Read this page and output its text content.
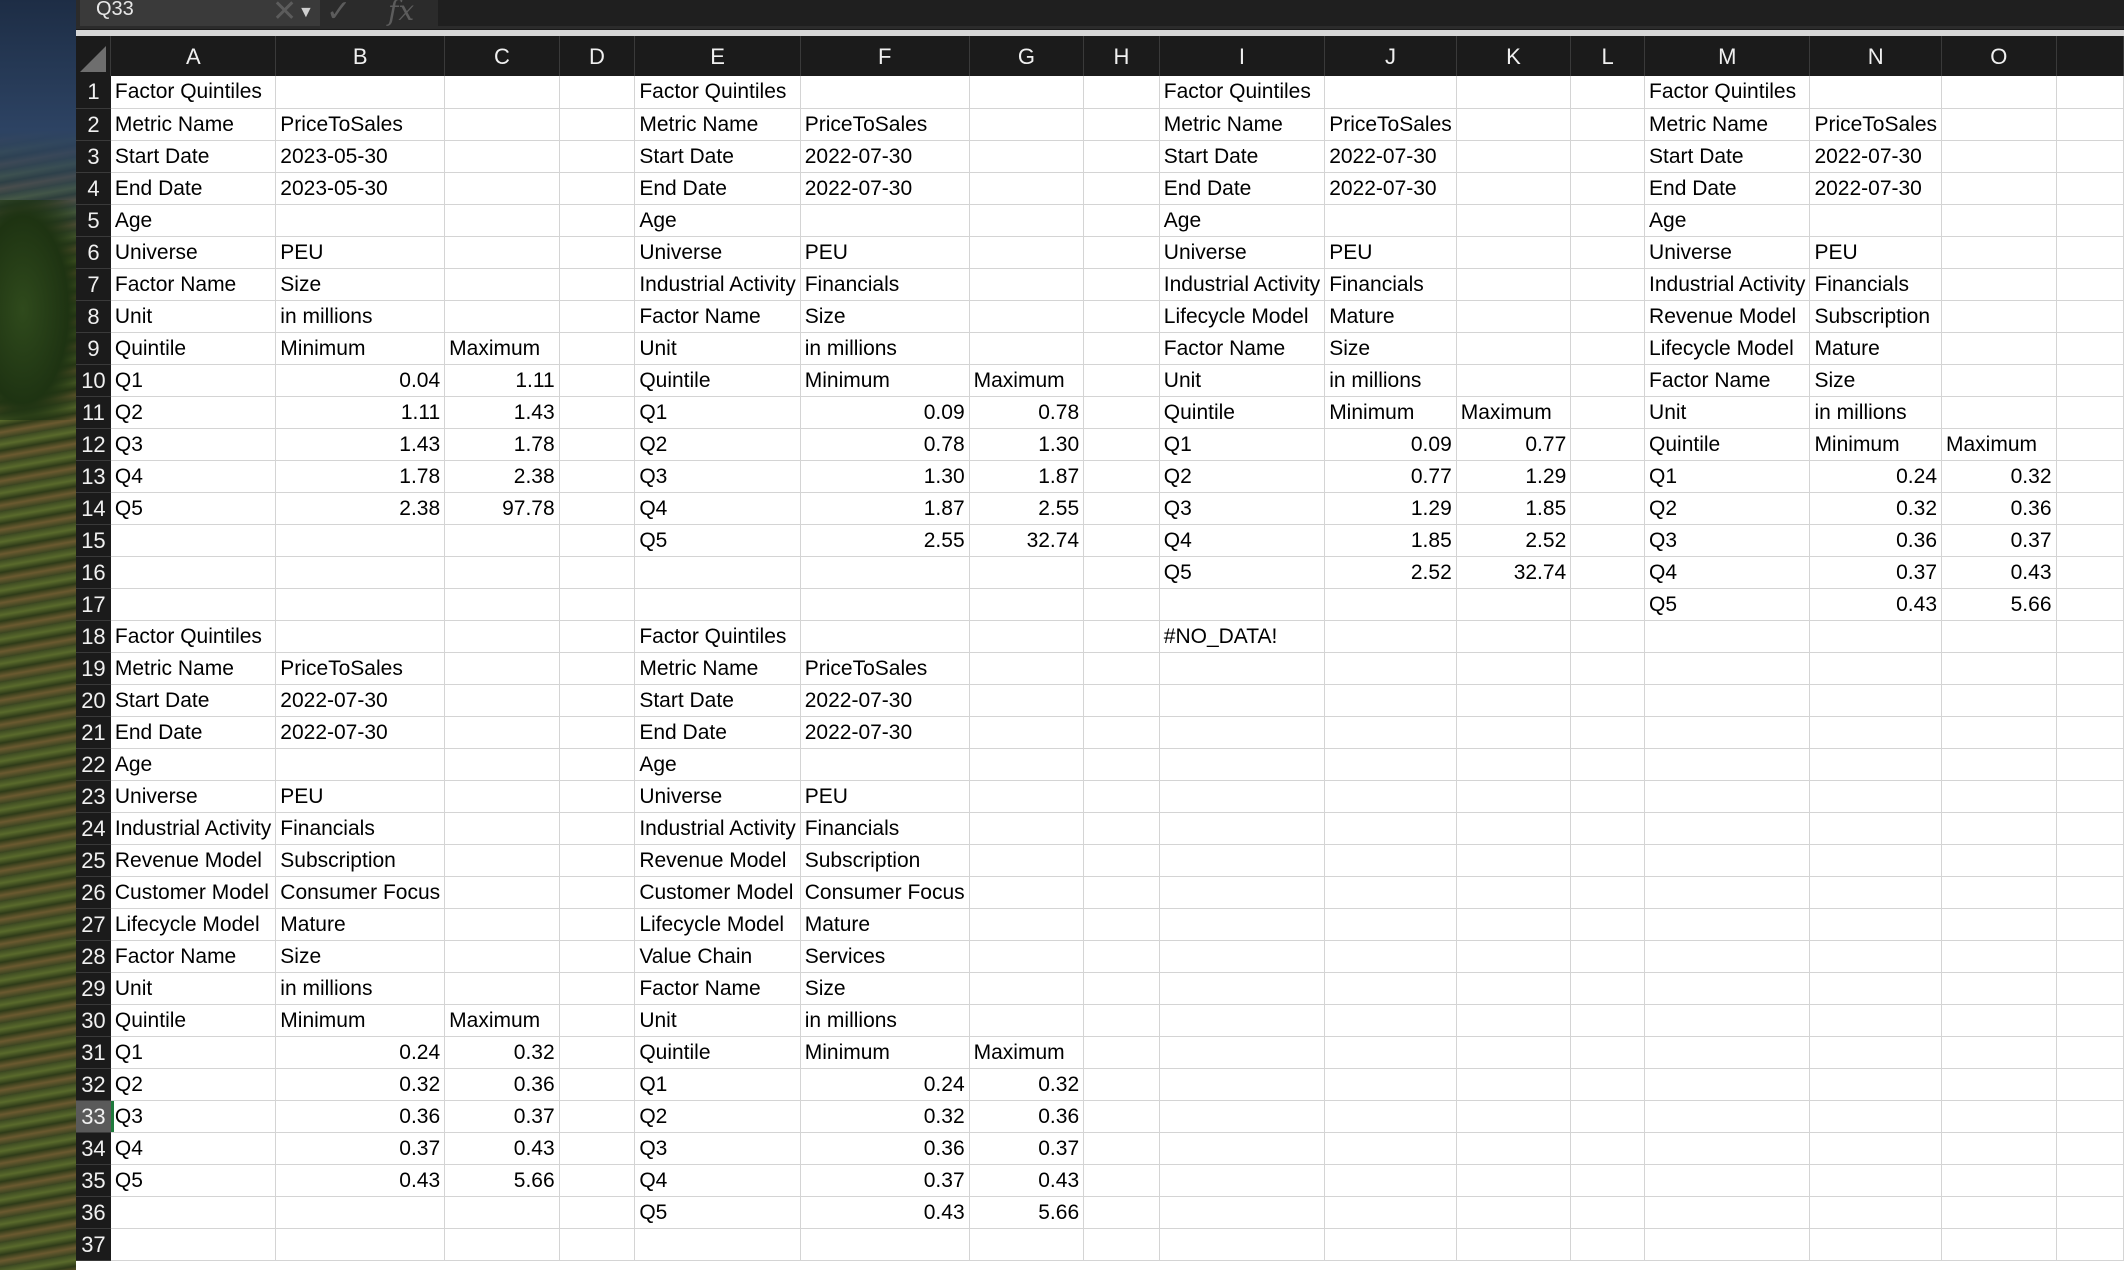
Q33	▼
✕ ✓ fx
	A	B	C	D	E	F	G	H	I	J	K	L	M	N	O	
1	Factor Quintiles				Factor Quintiles				Factor Quintiles				Factor Quintiles			
2	Metric Name	PriceToSales			Metric Name	PriceToSales			Metric Name	PriceToSales			Metric Name	PriceToSales		
3	Start Date	2023-05-30			Start Date	2022-07-30			Start Date	2022-07-30			Start Date	2022-07-30		
4	End Date	2023-05-30			End Date	2022-07-30			End Date	2022-07-30			End Date	2022-07-30		
5	Age				Age				Age				Age			
6	Universe	PEU			Universe	PEU			Universe	PEU			Universe	PEU		
7	Factor Name	Size			Industrial Activity	Financials			Industrial Activity	Financials			Industrial Activity	Financials		
8	Unit	in millions			Factor Name	Size			Lifecycle Model	Mature			Revenue Model	Subscription		
9	Quintile	Minimum	Maximum		Unit	in millions			Factor Name	Size			Lifecycle Model	Mature		
10	Q1	0.04	1.11		Quintile	Minimum	Maximum		Unit	in millions			Factor Name	Size		
11	Q2	1.11	1.43		Q1	0.09	0.78		Quintile	Minimum	Maximum		Unit	in millions		
12	Q3	1.43	1.78		Q2	0.78	1.30		Q1	0.09	0.77		Quintile	Minimum	Maximum	
13	Q4	1.78	2.38		Q3	1.30	1.87		Q2	0.77	1.29		Q1	0.24	0.32	
14	Q5	2.38	97.78		Q4	1.87	2.55		Q3	1.29	1.85		Q2	0.32	0.36	
15					Q5	2.55	32.74		Q4	1.85	2.52		Q3	0.36	0.37	
16									Q5	2.52	32.74		Q4	0.37	0.43	
17													Q5	0.43	5.66	
18	Factor Quintiles				Factor Quintiles				#NO_DATA!							
19	Metric Name	PriceToSales			Metric Name	PriceToSales										
20	Start Date	2022-07-30			Start Date	2022-07-30										
21	End Date	2022-07-30			End Date	2022-07-30										
22	Age				Age											
23	Universe	PEU			Universe	PEU										
24	Industrial Activity	Financials			Industrial Activity	Financials										
25	Revenue Model	Subscription			Revenue Model	Subscription										
26	Customer Model	Consumer Focus			Customer Model	Consumer Focus										
27	Lifecycle Model	Mature			Lifecycle Model	Mature										
28	Factor Name	Size			Value Chain	Services										
29	Unit	in millions			Factor Name	Size										
30	Quintile	Minimum	Maximum		Unit	in millions										
31	Q1	0.24	0.32		Quintile	Minimum	Maximum									
32	Q2	0.32	0.36		Q1	0.24	0.32									
33	Q3	0.36	0.37		Q2	0.32	0.36									
34	Q4	0.37	0.43		Q3	0.36	0.37									
35	Q5	0.43	5.66		Q4	0.37	0.43									
36					Q5	0.43	5.66									
37																
